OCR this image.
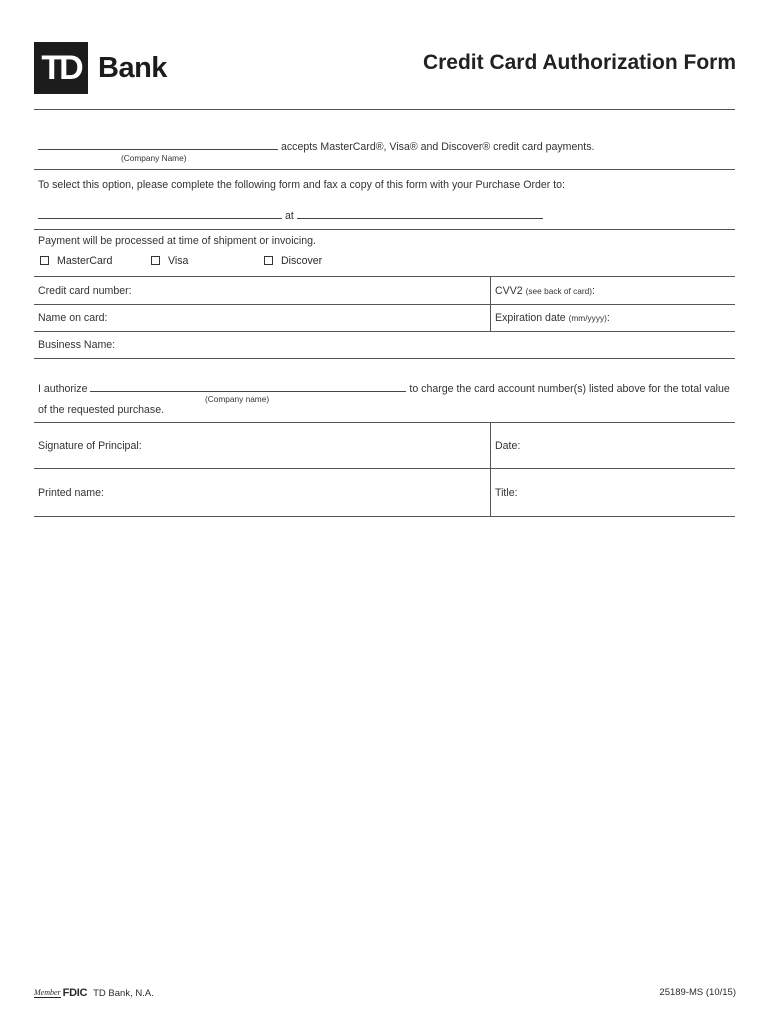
TD Bank	Credit Card Authorization Form
accepts MasterCard®, Visa® and Discover® credit card payments.
(Company Name)
To select this option, please complete the following form and fax a copy of this form with your Purchase Order to:
at
Payment will be processed at time of shipment or invoicing.
MasterCard	Visa	Discover
Credit card number:	CVV2 (see back of card):
Name on card:	Expiration date (mm/yyyy):
Business Name:
I authorize	to charge the card account number(s) listed above for the total value
(Company name)
of the requested purchase.
Signature of Principal:	Date:
Printed name:	Title:
Member FDIC TD Bank, N.A.	25189-MS (10/15)
